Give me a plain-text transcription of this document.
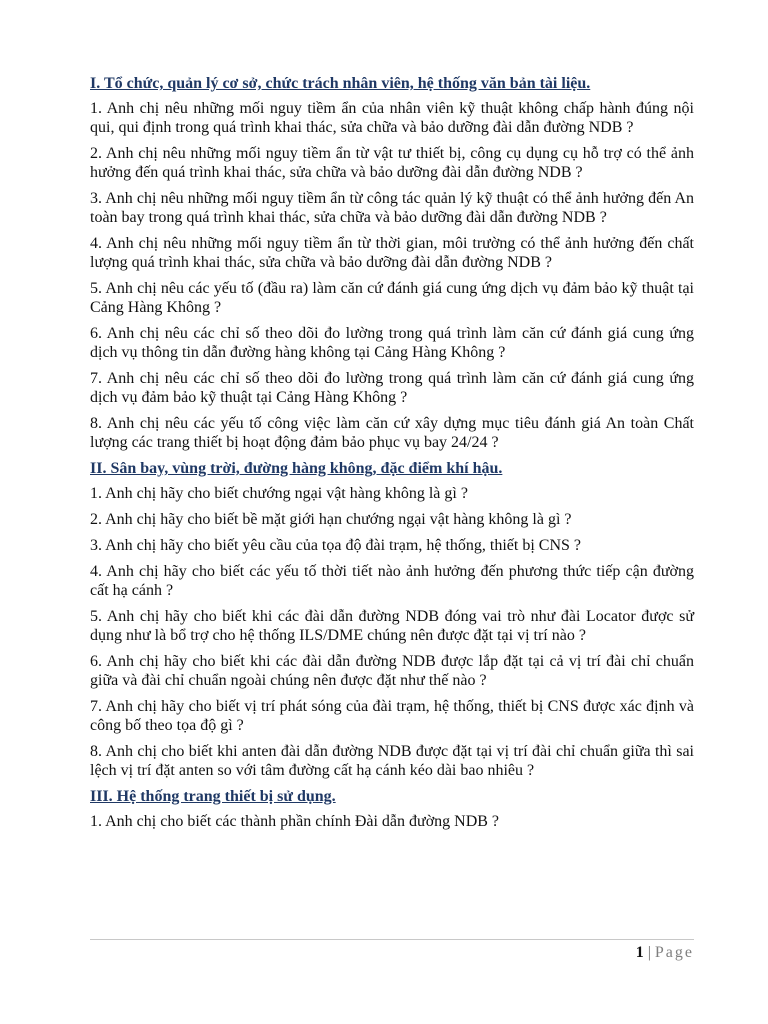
I. Tổ chức, quản lý cơ sở, chức trách nhân viên, hệ thống văn bản tài liệu.

1. Anh chị nêu những mối nguy tiềm ẩn của nhân viên kỹ thuật không chấp hành đúng nội qui, qui định trong quá trình khai thác, sửa chữa và bảo dưỡng đài dẫn đường NDB ?

2. Anh chị nêu những mối nguy tiềm ẩn từ vật tư thiết bị, công cụ dụng cụ hỗ trợ có thể ảnh hưởng đến quá trình khai thác, sửa chữa và bảo dưỡng đài dẫn đường NDB ?

3. Anh chị nêu những mối nguy tiềm ẩn từ công tác quản lý kỹ thuật có thể ảnh hưởng đến An toàn bay trong quá trình khai thác, sửa chữa và bảo dưỡng đài dẫn đường NDB ?

4. Anh chị nêu những mối nguy tiềm ẩn từ thời gian, môi trường có thể ảnh hưởng đến chất lượng quá trình khai thác, sửa chữa và bảo dưỡng đài dẫn đường NDB ?

5. Anh chị nêu các yếu tố (đầu ra) làm căn cứ đánh giá cung ứng dịch vụ đảm bảo kỹ thuật tại Cảng Hàng Không ?

6. Anh chị nêu các chỉ số theo dõi đo lường trong quá trình làm căn cứ đánh giá cung ứng dịch vụ thông tin dẫn đường hàng không tại Cảng Hàng Không ?

7. Anh chị nêu các chỉ số theo dõi đo lường trong quá trình làm căn cứ đánh giá cung ứng dịch vụ đảm bảo kỹ thuật tại Cảng Hàng Không ?

8. Anh chị nêu các yếu tố công việc làm căn cứ xây dựng mục tiêu đánh giá An toàn Chất lượng các trang thiết bị hoạt động đảm bảo phục vụ bay 24/24 ?

II. Sân bay, vùng trời, đường hàng không, đặc điểm khí hậu.

1. Anh chị hãy cho biết chướng ngại vật hàng không là gì ?

2. Anh chị hãy cho biết bề mặt giới hạn chướng ngại vật hàng không là gì ?

3. Anh chị hãy cho biết yêu cầu của tọa độ đài trạm, hệ thống, thiết bị CNS ?

4. Anh chị hãy cho biết các yếu tố thời tiết nào ảnh hưởng đến phương thức tiếp cận đường cất hạ cánh ?

5. Anh chị hãy cho biết khi các đài dẫn đường NDB đóng vai trò như đài Locator được sử dụng như là bổ trợ cho hệ thống ILS/DME chúng nên được đặt tại vị trí nào ?

6. Anh chị hãy cho biết khi các đài dẫn đường NDB được lắp đặt tại cả vị trí đài chỉ chuẩn giữa và đài chỉ chuẩn ngoài chúng nên được đặt như thế nào ?

7. Anh chị hãy cho biết vị trí phát sóng của đài trạm, hệ thống, thiết bị CNS được xác định và công bố theo tọa độ gì ?

8. Anh chị cho biết khi anten đài dẫn đường NDB được đặt tại vị trí đài chỉ chuẩn giữa thì sai lệch vị trí đặt anten so với tâm đường cất hạ cánh kéo dài bao nhiêu ?

III. Hệ thống trang thiết bị sử dụng.

1. Anh chị cho biết các thành phần chính Đài dẫn đường NDB ?

1 | Page
